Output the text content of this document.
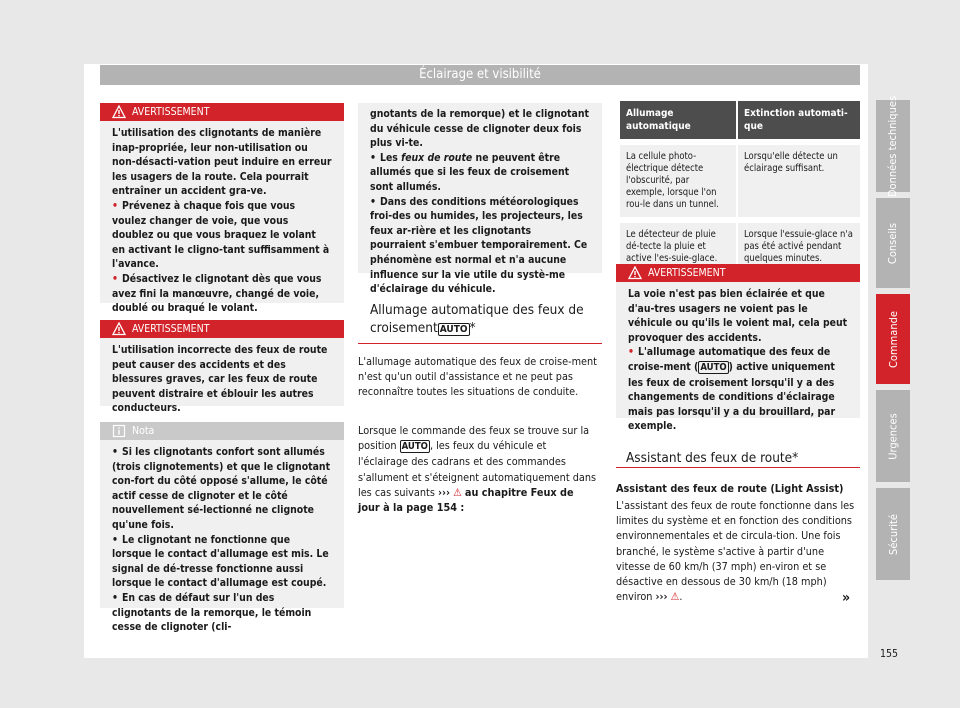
Éclairage et visibilité
AVERTISSEMENT
L'utilisation des clignotants de manière inap-propriée, leur non-utilisation ou non-désacti-vation peut induire en erreur les usagers de la route. Cela pourrait entraîner un accident gra-ve.
• Prévenez à chaque fois que vous voulez changer de voie, que vous doublez ou que vous braquez le volant en activant le cligno-tant suffisamment à l'avance.
• Désactivez le clignotant dès que vous avez fini la manœuvre, changé de voie, doublé ou braqué le volant.
AVERTISSEMENT
L'utilisation incorrecte des feux de route peut causer des accidents et des blessures graves, car les feux de route peuvent distraire et éblouir les autres conducteurs.
Nota
• Si les clignotants confort sont allumés (trois clignotements) et que le clignotant con-fort du côté opposé s'allume, le côté actif cesse de clignoter et le côté nouvellement sé-lectionné ne clignote qu'une fois.
• Le clignotant ne fonctionne que lorsque le contact d'allumage est mis. Le signal de dé-tresse fonctionne aussi lorsque le contact d'allumage est coupé.
• En cas de défaut sur l'un des clignotants de la remorque, le témoin cesse de clignoter (cli-
gnotants de la remorque) et le clignotant du véhicule cesse de clignoter deux fois plus vi-te.
• Les feux de route ne peuvent être allumés que si les feux de croisement sont allumés.
• Dans des conditions météorologiques froi-des ou humides, les projecteurs, les feux ar-rière et les clignotants pourraient s'embuer temporairement. Ce phénomène est normal et n'a aucune influence sur la vie utile du systè-me d'éclairage du véhicule.
Allumage automatique des feux de
croisement AUTO *
L'allumage automatique des feux de croise-ment n'est qu'un outil d'assistance et ne peut pas reconnaître toutes les situations de conduite.
Lorsque le commande des feux se trouve sur la position AUTO , les feux du véhicule et l'éclairage des cadrans et des commandes s'allument et s'éteignent automatiquement dans les cas suivants ››› ⚠ au chapitre Feux de jour à la page 154 :
Allumage automatique	Extinction automati-que
La cellule photo-électrique détecte l'obscurité, par exemple, lorsque l'on rou-le dans un tunnel.	Lorsqu'elle détecte un éclairage suffisant.
Le détecteur de pluie dé-tecte la pluie et active l'es-suie-glace.	Lorsque l'essuie-glace n'a pas été activé pendant quelques minutes.
AVERTISSEMENT
La voie n'est pas bien éclairée et que d'au-tres usagers ne voient pas le véhicule ou qu'ils le voient mal, cela peut provoquer des accidents.
• L'allumage automatique des feux de croise-ment ( AUTO ) active uniquement les feux de croisement lorsqu'il y a des changements de conditions d'éclairage mais pas lorsqu'il y a du brouillard, par exemple.
Assistant des feux de route*
Assistant des feux de route (Light Assist)
L'assistant des feux de route fonctionne dans les limites du système et en fonction des conditions environnementales et de circula-tion. Une fois branché, le système s'active à partir d'une vitesse de 60 km/h (37 mph) en-viron et se désactive en dessous de 30 km/h (18 mph) environ ››› ⚠.	»
Données techniques
Conseils
Commande
Urgences
Sécurité
155
